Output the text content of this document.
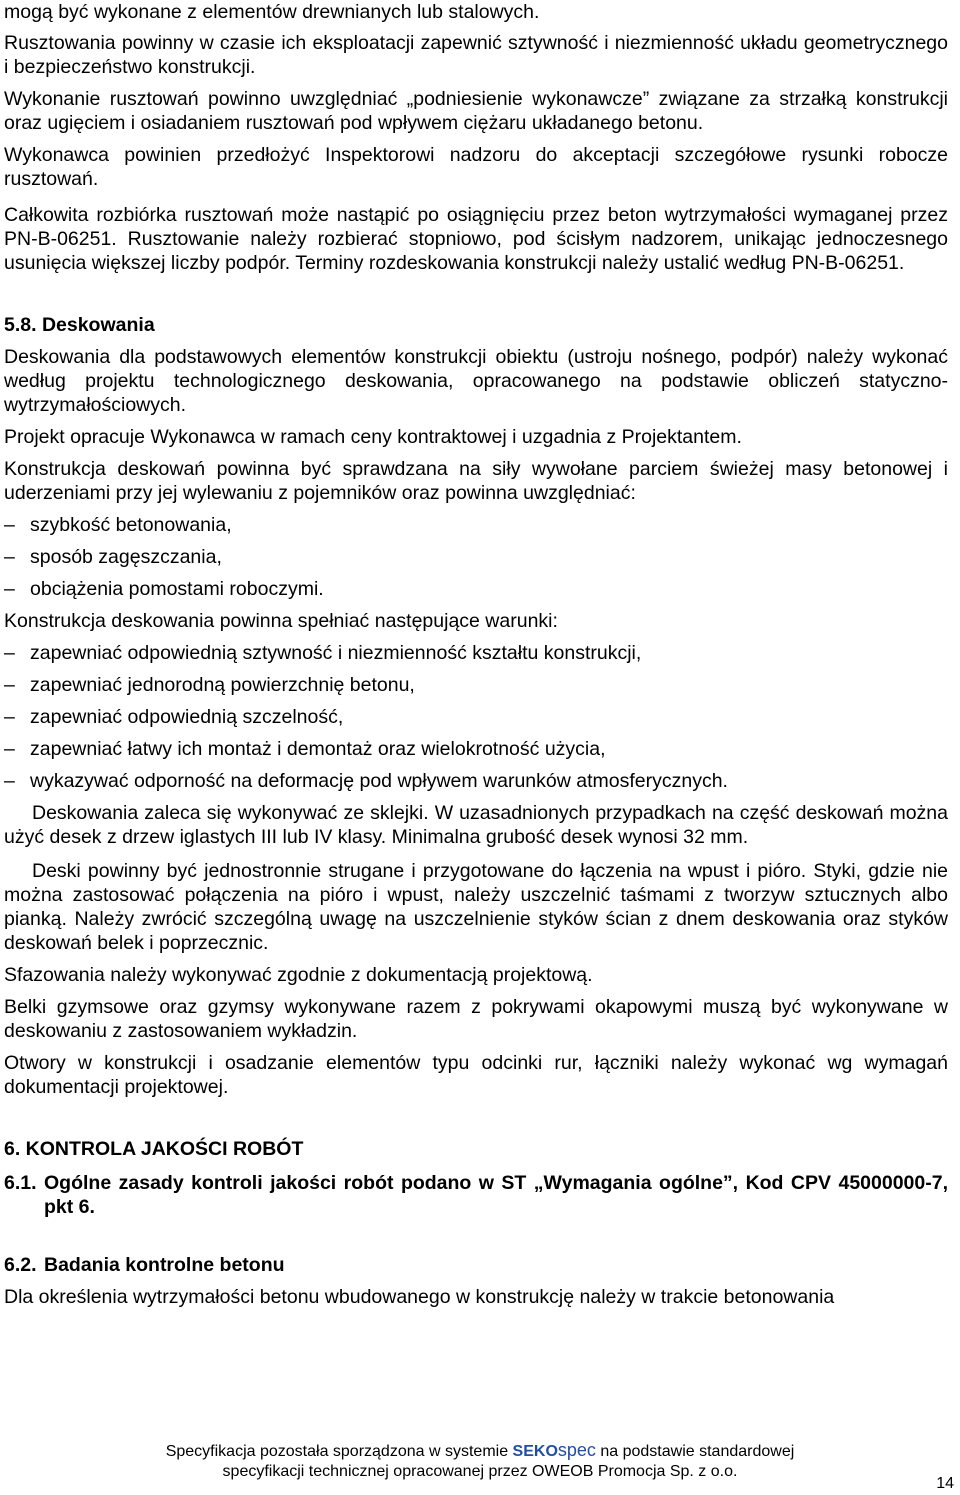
mogą być wykonane z elementów drewnianych lub stalowych.

Rusztowania powinny w czasie ich eksploatacji zapewnić sztywność i niezmienność układu geometrycznego i bezpieczeństwo konstrukcji.

Wykonanie rusztowań powinno uwzględniać „podniesienie wykonawcze” związane za strzałką konstrukcji oraz ugięciem i osiadaniem rusztowań pod wpływem ciężaru układanego betonu.

Wykonawca powinien przedłożyć Inspektorowi nadzoru do akceptacji szczegółowe rysunki robocze rusztowań.

Całkowita rozbiórka rusztowań może nastąpić po osiągnięciu przez beton wytrzymałości wymaganej przez PN-B-06251. Rusztowanie należy rozbierać stopniowo, pod ścisłym nadzorem, unikając jednoczesnego usunięcia większej liczby podpór. Terminy rozdeskowania konstrukcji należy ustalić według PN-B-06251.

5.8. Deskowania

Deskowania dla podstawowych elementów konstrukcji obiektu (ustroju nośnego, podpór) należy wykonać według projektu technologicznego deskowania, opracowanego na podstawie obliczeń statyczno-wytrzymałościowych.

Projekt opracuje Wykonawca w ramach ceny kontraktowej i uzgadnia z Projektantem.

Konstrukcja deskowań powinna być sprawdzana na siły wywołane parciem świeżej masy betonowej i uderzeniami przy jej wylewaniu z pojemników oraz powinna uwzględniać:

– szybkość betonowania,
– sposób zagęszczania,
– obciążenia pomostami roboczymi.

Konstrukcja deskowania powinna spełniać następujące warunki:

– zapewniać odpowiednią sztywność i niezmienność kształtu konstrukcji,
– zapewniać jednorodną powierzchnię betonu,
– zapewniać odpowiednią szczelność,
– zapewniać łatwy ich montaż i demontaż oraz wielokrotność użycia,
– wykazywać odporność na deformację pod wpływem warunków atmosferycznych.

Deskowania zaleca się wykonywać ze sklejki. W uzasadnionych przypadkach na część deskowań można użyć desek z drzew iglastych III lub IV klasy. Minimalna grubość desek wynosi 32 mm.

Deski powinny być jednostronnie strugane i przygotowane do łączenia na wpust i pióro. Styki, gdzie nie można zastosować połączenia na pióro i wpust, należy uszczelnić taśmami z tworzyw sztucznych albo pianką. Należy zwrócić szczególną uwagę na uszczelnienie styków ścian z dnem deskowania oraz styków deskowań belek i poprzecznic.

Sfazowania należy wykonywać zgodnie z dokumentacją projektową.

Belki gzymsowe oraz gzymsy wykonywane razem z pokrywami okapowymi muszą być wykonywane w deskowaniu z zastosowaniem wykładzin.

Otwory w konstrukcji i osadzanie elementów typu odcinki rur, łączniki należy wykonać wg wymagań dokumentacji projektowej.

6. KONTROLA JAKOŚCI ROBÓT
6.1. Ogólne zasady kontroli jakości robót podano w ST „Wymagania ogólne”, Kod CPV 45000000-7, pkt 6.
6.2. Badania kontrolne betonu

Dla określenia wytrzymałości betonu wbudowanego w konstrukcję należy w trakcie betonowania

Specyfikacja pozostała sporządzona w systemie SEKOspec na podstawie standardowej
specyfikacji technicznej opracowanej przez OWEOB Promocja Sp. z o.o.
14
